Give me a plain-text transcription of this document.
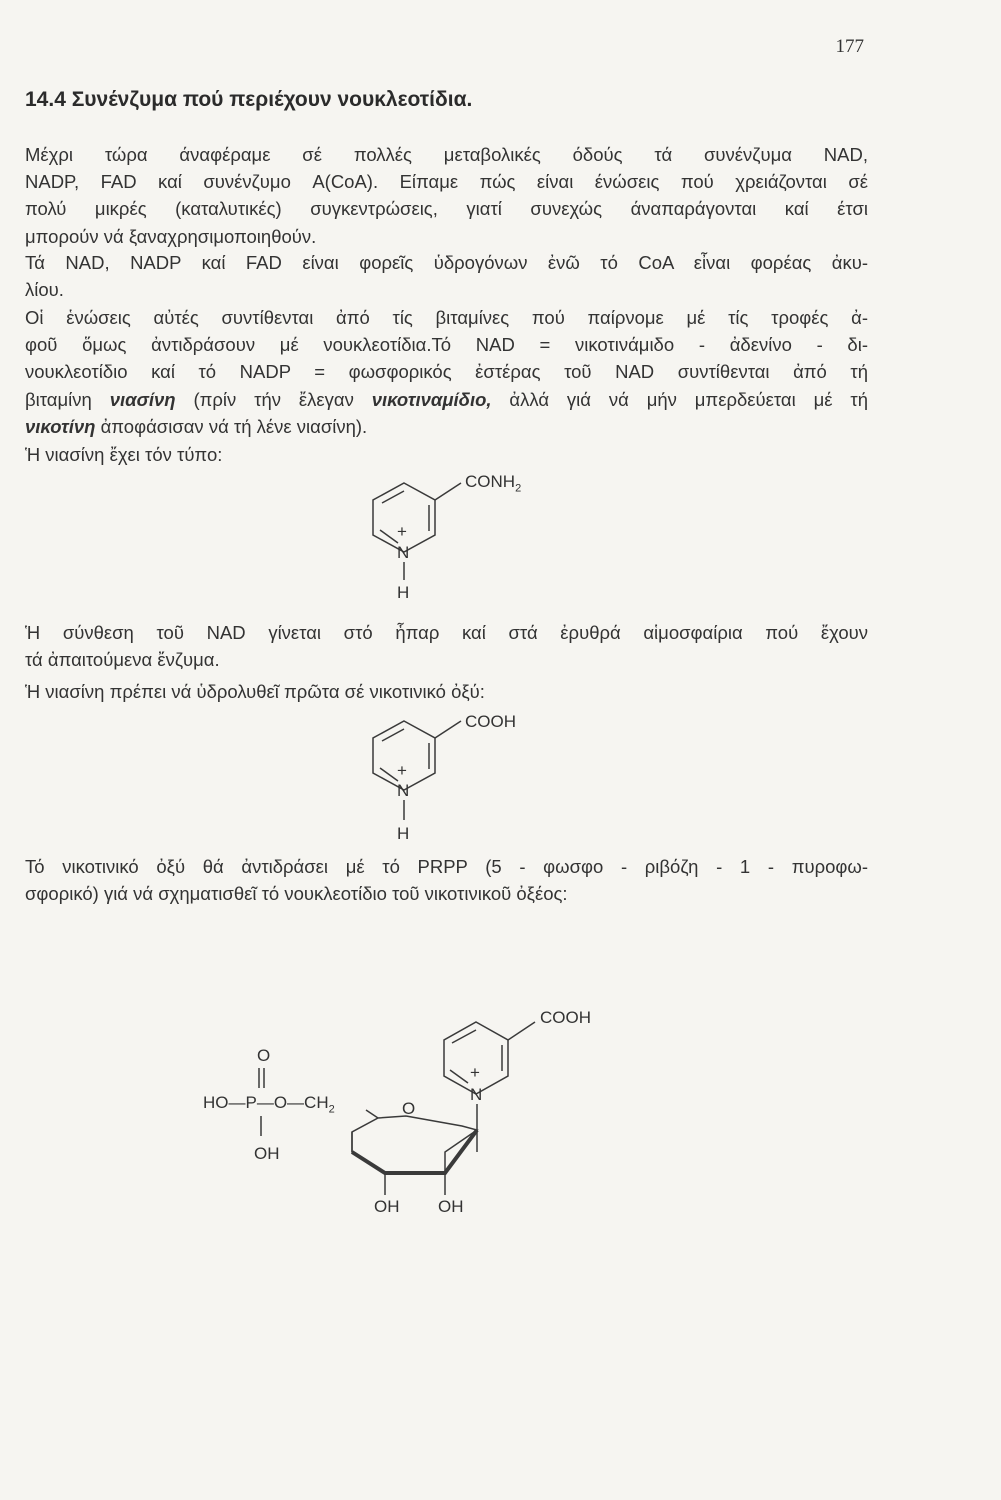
177
14.4 Συνένζυμα πού περιέχουν νουκλεοτίδια.
Μέχρι τώρα άναφέραμε σέ πολλές μεταβολικές όδούς τά συνένζυμα NAD,
NADP, FAD καί συνένζυμο A(CoA). Είπαμε πώς είναι ένώσεις πού χρειάζονται σέ
πολύ μικρές (καταλυτικές) συγκεντρώσεις, γιατί συνεχώς άναπαράγονται καί έτσι
μπορούν νά ξαναχρησιμοποιηθούν.
Τά NAD, NADP καί FAD είναι φορεῖς ὑδρογόνων ἐνῶ τό CoA εἶναι φορέας ἀκυ-
λίου.
Οἱ ἑνώσεις αὐτές συντίθενται ἀπό τίς βιταμίνες πού παίρνομε μέ τίς τροφές ἀ-
φοῦ ὅμως ἀντιδράσουν μέ νουκλεοτίδια.Τό NAD = νικοτινάμιδο - ἀδενίνο - δι-
νουκλεοτίδιο καί τό NADP = φωσφορικός ἐστέρας τοῦ NAD συντίθενται ἀπό τή
βιταμίνη νιασίνη (πρίν τήν ἔλεγαν νικοτιναμίδιο, ἀλλά γιά νά μήν μπερδεύεται μέ τή
νικοτίνη ἀποφάσισαν νά τή λένε νιασίνη).
Ἡ νιασίνη ἔχει τόν τύπο:
$CONH_2$
+
N
H
Ἡ σύνθεση τοῦ NAD γίνεται στό ἧπαρ καί στά ἐρυθρά αἱμοσφαίρια πού ἔχουν
τά ἀπαιτούμενα ἔνζυμα.
Ἡ νιασίνη πρέπει νά ὑδρολυθεῖ πρῶτα σέ νικοτινικό ὀξύ:
COOH
+
N
H
Τό νικοτινικό ὀξύ θά ἀντιδράσει μέ τό PRPP (5 - φωσφο - ριβόζη - 1 - πυροφω-
σφορικό) γιά νά σχηματισθεῖ τό νουκλεοτίδιο τοῦ νικοτινικοῦ ὀξέος:
COOH
+
N
O
$HO—P—O—CH_2$
OH
O
OH OH
